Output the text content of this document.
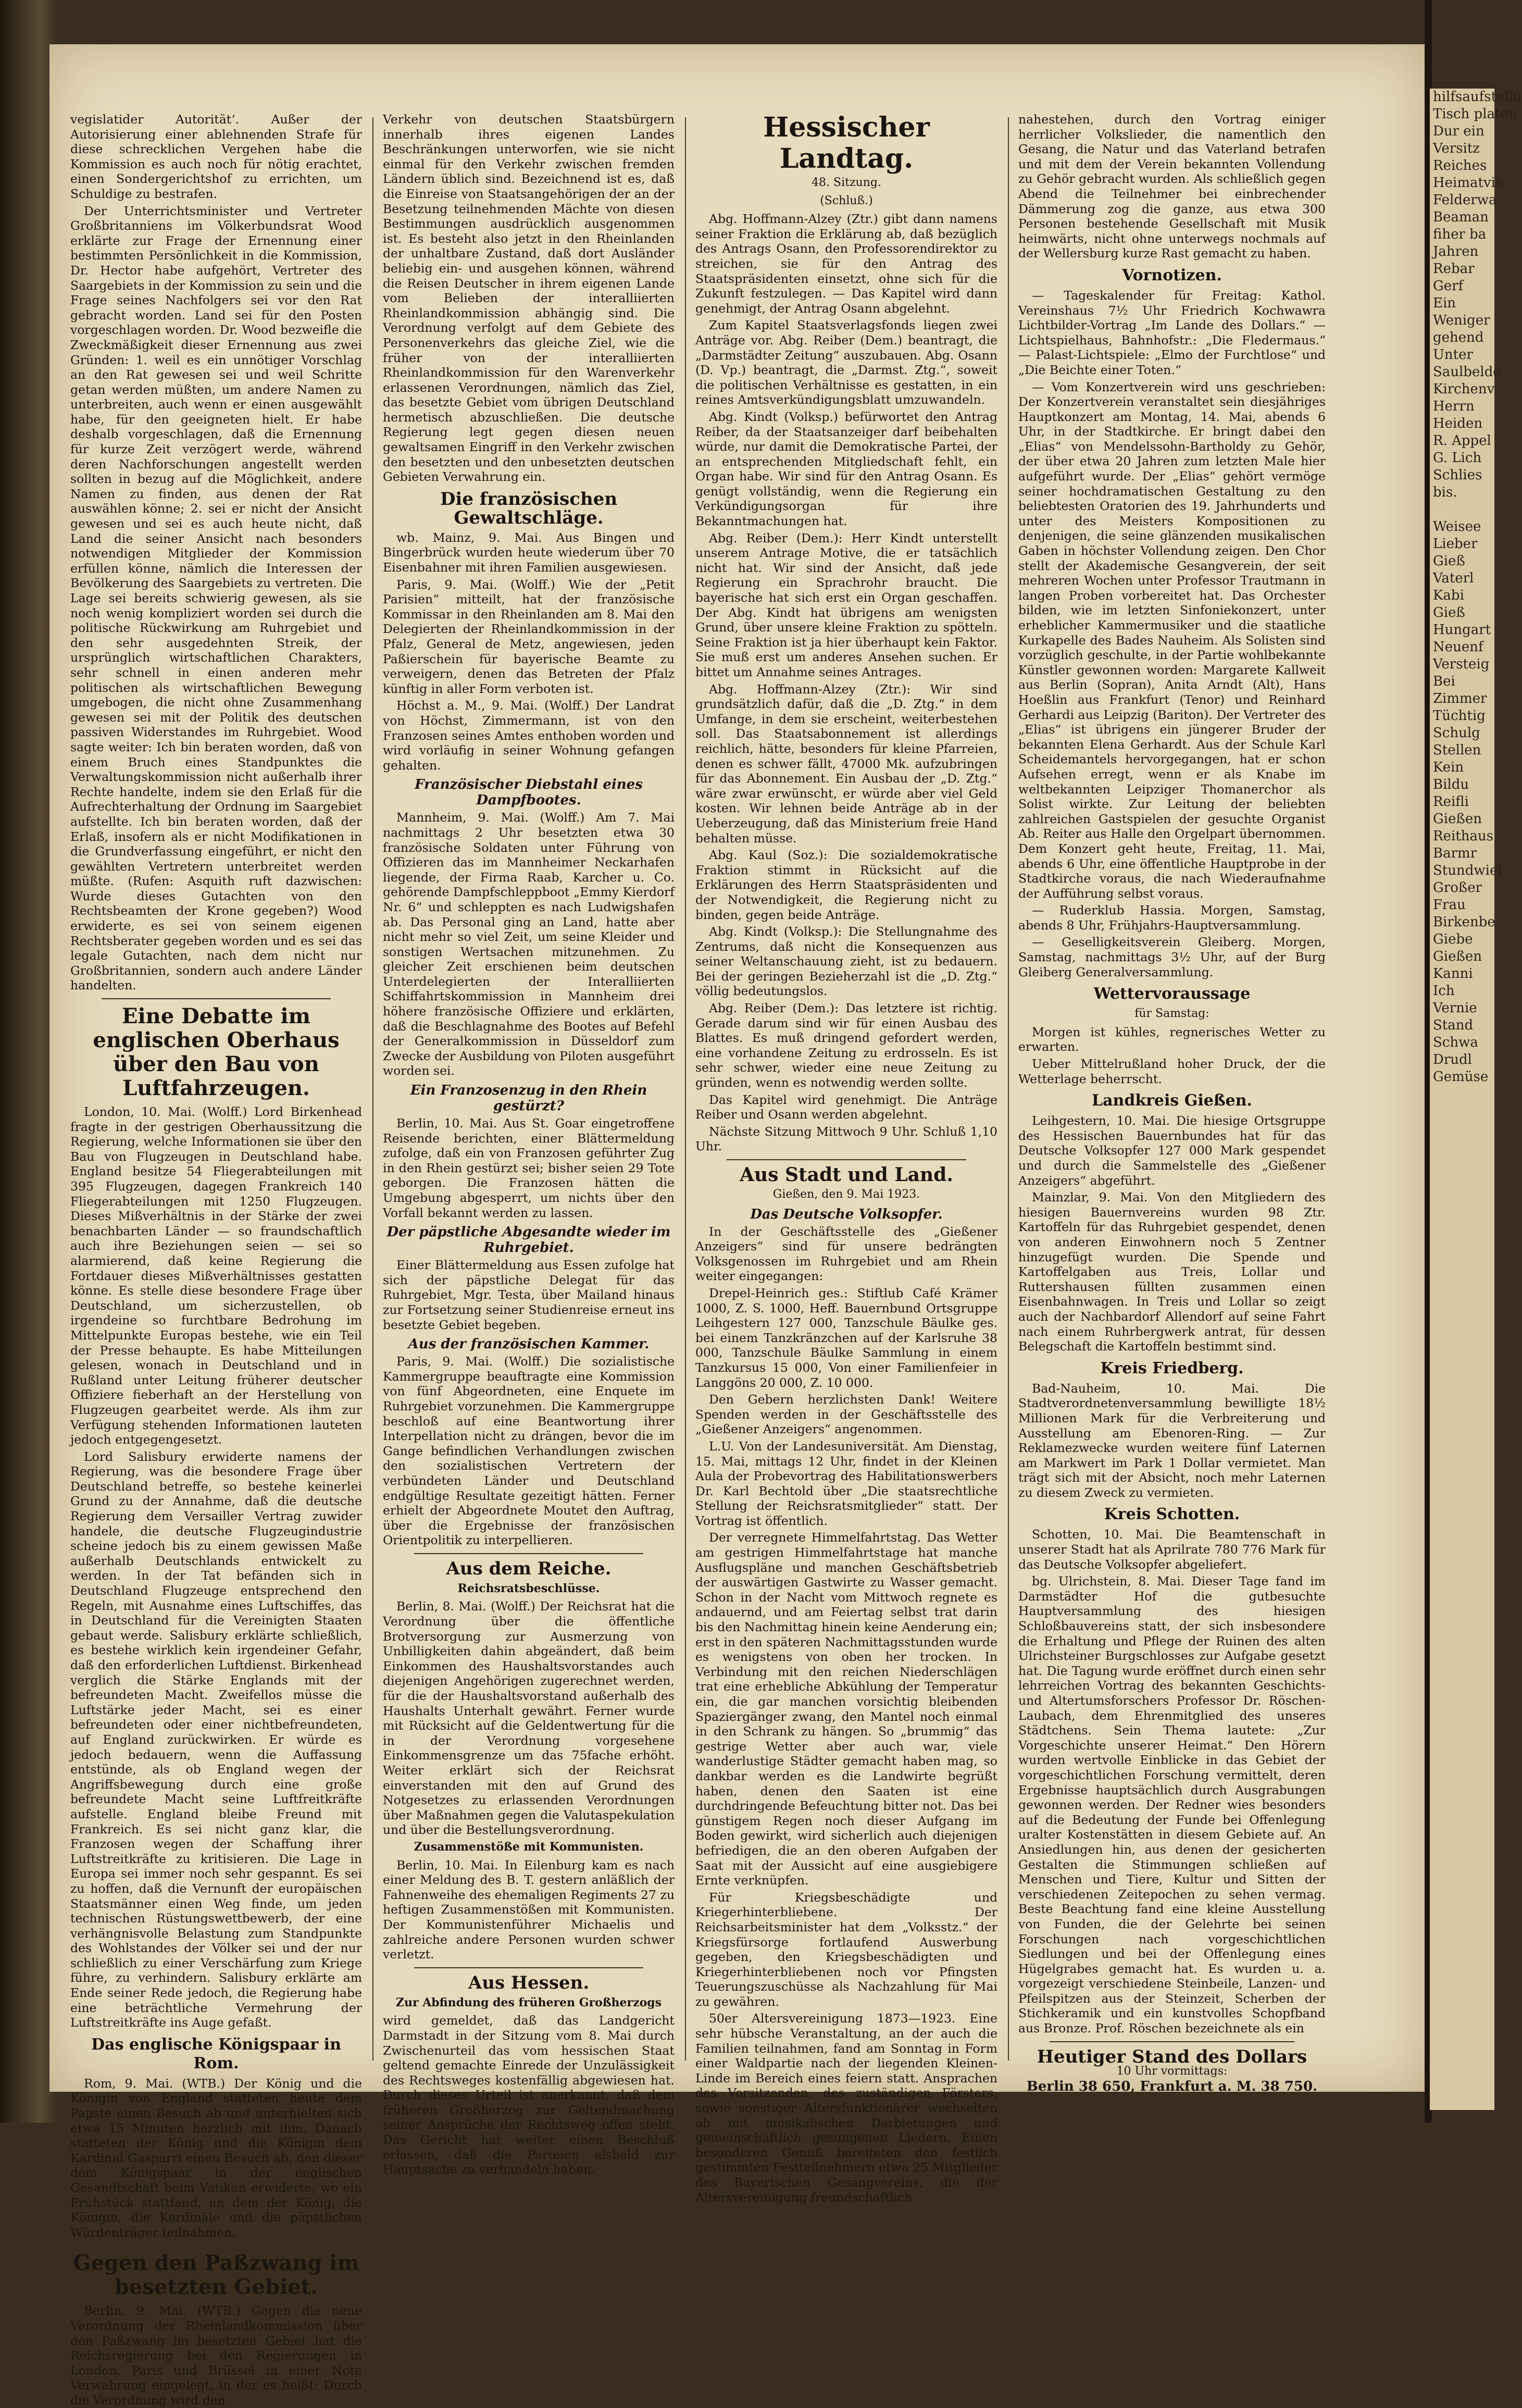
vegislatider Autorität‘. Außer der Autorisierung einer ablehnenden Strafe für diese schrecklichen Vergehen habe die Kommission es auch noch für nötig erachtet, einen Sondergerichtshof zu errichten, um Schuldige zu bestrafen.

Der Unterrichtsminister und Vertreter Großbritanniens im Völkerbundsrat Wood erklärte zur Frage der Ernennung einer bestimmten Persönlichkeit in die Kommission, Dr. Hector habe aufgehört, Vertreter des Saargebiets in der Kommission zu sein und die Frage seines Nachfolgers sei vor den Rat gebracht worden. Land sei für den Posten vorgeschlagen worden. Dr. Wood bezweifle die Zweckmäßigkeit dieser Ernennung aus zwei Gründen: 1. weil es ein unnötiger Vorschlag an den Rat gewesen sei und weil Schritte getan werden müßten, um andere Namen zu unterbreiten, auch wenn er einen ausgewählt habe, für den geeigneten hielt. Er habe deshalb vorgeschlagen, daß die Ernennung für kurze Zeit verzögert werde, während deren Nachforschungen angestellt werden sollten in bezug auf die Möglichkeit, andere Namen zu finden, aus denen der Rat auswählen könne; 2. sei er nicht der Ansicht gewesen und sei es auch heute nicht, daß Land die seiner Ansicht nach besonders notwendigen Mitglieder der Kommission erfüllen könne, nämlich die Interessen der Bevölkerung des Saargebiets zu vertreten. Die Lage sei bereits schwierig gewesen, als sie noch wenig kompliziert worden sei durch die politische Rückwirkung am Ruhrgebiet und den sehr ausgedehnten Streik, der ursprünglich wirtschaftlichen Charakters, sehr schnell in einen anderen mehr politischen als wirtschaftlichen Bewegung umgebogen, die nicht ohne Zusammenhang gewesen sei mit der Politik des deutschen passiven Widerstandes im Ruhrgebiet. Wood sagte weiter: Ich bin beraten worden, daß von einem Bruch eines Standpunktes die Verwaltungskommission nicht außerhalb ihrer Rechte handelte, indem sie den Erlaß für die Aufrechterhaltung der Ordnung im Saargebiet aufstellte. Ich bin beraten worden, daß der Erlaß, insofern als er nicht Modifikationen in die Grundverfassung eingeführt, er nicht den gewählten Vertretern unterbreitet werden müßte. (Rufen: Asquith ruft dazwischen: Wurde dieses Gutachten von den Rechtsbeamten der Krone gegeben?) Wood erwiderte, es sei von seinem eigenen Rechtsberater gegeben worden und es sei das legale Gutachten, nach dem nicht nur Großbritannien, sondern auch andere Länder handelten.

Eine Debatte im englischen Oberhaus über den Bau von Luftfahrzeugen.

London, 10. Mai. (Wolff.) Lord Birkenhead fragte in der gestrigen Oberhaussitzung die Regierung, welche Informationen sie über den Bau von Flugzeugen in Deutschland habe. England besitze 54 Fliegerabteilungen mit 395 Flugzeugen, dagegen Frankreich 140 Fliegerabteilungen mit 1250 Flugzeugen. Dieses Mißverhältnis in der Stärke der zwei benachbarten Länder — so fraundschaftlich auch ihre Beziehungen seien — sei so alarmierend, daß keine Regierung die Fortdauer dieses Mißverhältnisses gestatten könne. Es stelle diese besondere Frage über Deutschland, um sicherzustellen, ob irgendeine so furchtbare Bedrohung im Mittelpunkte Europas bestehe, wie ein Teil der Presse behaupte. Es habe Mitteilungen gelesen, wonach in Deutschland und in Rußland unter Leitung früherer deutscher Offiziere fieberhaft an der Herstellung von Flugzeugen gearbeitet werde. Als ihm zur Verfügung stehenden Informationen lauteten jedoch entgegengesetzt.

Lord Salisbury erwiderte namens der Regierung, was die besondere Frage über Deutschland betreffe, so bestehe keinerlei Grund zu der Annahme, daß die deutsche Regierung dem Versailler Vertrag zuwider handele, die deutsche Flugzeugindustrie scheine jedoch bis zu einem gewissen Maße außerhalb Deutschlands entwickelt zu werden. In der Tat befänden sich in Deutschland Flugzeuge entsprechend den Regeln, mit Ausnahme eines Luftschiffes, das in Deutschland für die Vereinigten Staaten gebaut werde. Salisbury erklärte schließlich, es bestehe wirklich kein irgendeiner Gefahr, daß den erforderlichen Luftdienst. Birkenhead verglich die Stärke Englands mit der befreundeten Macht. Zweifellos müsse die Luftstärke jeder Macht, sei es einer befreundeten oder einer nichtbefreundeten, auf England zurückwirken. Er würde es jedoch bedauern, wenn die Auffassung entstünde, als ob England wegen der Angriffsbewegung durch eine große befreundete Macht seine Luftfreitkräfte aufstelle. England bleibe Freund mit Frankreich. Es sei nicht ganz klar, die Franzosen wegen der Schaffung ihrer Luftstreitkräfte zu kritisieren. Die Lage in Europa sei immer noch sehr gespannt. Es sei zu hoffen, daß die Vernunft der europäischen Staatsmänner einen Weg finde, um jeden technischen Rüstungswettbewerb, der eine verhängnisvolle Belastung zum Standpunkte des Wohlstandes der Völker sei und der nur schließlich zu einer Verschärfung zum Kriege führe, zu verhindern. Salisbury erklärte am Ende seiner Rede jedoch, die Regierung habe eine beträchtliche Vermehrung der Luftstreitkräfte ins Auge gefaßt.

Das englische Königspaar in Rom.

Rom, 9. Mai. (WTB.) Der König und die Königin von England statteten heute dem Papste einen Besuch ab und unterhielten sich etwa 15 Minuten herzlich mit ihm. Danach statteten der König und die Königin dem Kardinal Gasparri einen Besuch ab, den dieser dem Königspaar in der englischen Gesandtschaft beim Vatikan erwiderte, wo ein Frühstück stattfand, an dem der König, die Königin, die Kardinäle und die päpstlichen Würdenträger teilnahmen.

Gegen den Paßzwang im besetzten Gebiet.

Berlin, 9. Mai. (WTB.) Gegen die neue Verordnung der Rheinlandkommission über den Paßzwang im besetzten Gebiet hat die Reichsregierung bei den Regierungen in London, Paris und Brüssel in einer Note Verwahrung eingelegt, in der es heißt: Durch die Verordnung wird den

Verkehr von deutschen Staatsbürgern innerhalb ihres eigenen Landes Beschränkungen unterworfen, wie sie nicht einmal für den Verkehr zwischen fremden Ländern üblich sind. Bezeichnend ist es, daß die Einreise von Staatsangehörigen der an der Besetzung teilnehmenden Mächte von diesen Bestimmungen ausdrücklich ausgenommen ist. Es besteht also jetzt in den Rheinlanden der unhaltbare Zustand, daß dort Ausländer beliebig ein- und ausgehen können, während die Reisen Deutscher in ihrem eigenen Lande vom Belieben der interalliierten Rheinlandkommission abhängig sind. Die Verordnung verfolgt auf dem Gebiete des Personenverkehrs das gleiche Ziel, wie die früher von der interalliierten Rheinlandkommission für den Warenverkehr erlassenen Verordnungen, nämlich das Ziel, das besetzte Gebiet vom übrigen Deutschland hermetisch abzuschließen. Die deutsche Regierung legt gegen diesen neuen gewaltsamen Eingriff in den Verkehr zwischen den besetzten und den unbesetzten deutschen Gebieten Verwahrung ein.

Die französischen Gewaltschläge.

wb. Mainz, 9. Mai. Aus Bingen und Bingerbrück wurden heute wiederum über 70 Eisenbahner mit ihren Familien ausgewiesen.

Paris, 9. Mai. (Wolff.) Wie der „Petit Parisien“ mitteilt, hat der französische Kommissar in den Rheinlanden am 8. Mai den Delegierten der Rheinlandkommission in der Pfalz, General de Metz, angewiesen, jeden Paßierschein für bayerische Beamte zu verweigern, denen das Betreten der Pfalz künftig in aller Form verboten ist.

Höchst a. M., 9. Mai. (Wolff.) Der Landrat von Höchst, Zimmermann, ist von den Franzosen seines Amtes enthoben worden und wird vorläufig in seiner Wohnung gefangen gehalten.

Französischer Diebstahl eines Dampfbootes.

Mannheim, 9. Mai. (Wolff.) Am 7. Mai nachmittags 2 Uhr besetzten etwa 30 französische Soldaten unter Führung von Offizieren das im Mannheimer Neckarhafen liegende, der Firma Raab, Karcher u. Co. gehörende Dampfschleppboot „Emmy Kierdorf Nr. 6“ und schleppten es nach Ludwigshafen ab. Das Personal ging an Land, hatte aber nicht mehr so viel Zeit, um seine Kleider und sonstigen Wertsachen mitzunehmen. Zu gleicher Zeit erschienen beim deutschen Unterdelegierten der Interalliierten Schiffahrtskommission in Mannheim drei höhere französische Offiziere und erklärten, daß die Beschlagnahme des Bootes auf Befehl der Generalkommission in Düsseldorf zum Zwecke der Ausbildung von Piloten ausgeführt worden sei.

Ein Franzosenzug in den Rhein gestürzt?

Berlin, 10. Mai. Aus St. Goar eingetroffene Reisende berichten, einer Blättermeldung zufolge, daß ein von Franzosen geführter Zug in den Rhein gestürzt sei; bisher seien 29 Tote geborgen. Die Franzosen hätten die Umgebung abgesperrt, um nichts über den Vorfall bekannt werden zu lassen.

Der päpstliche Abgesandte wieder im Ruhrgebiet.

Einer Blättermeldung aus Essen zufolge hat sich der päpstliche Delegat für das Ruhrgebiet, Mgr. Testa, über Mailand hinaus zur Fortsetzung seiner Studienreise erneut ins besetzte Gebiet begeben.

Aus der französischen Kammer.

Paris, 9. Mai. (Wolff.) Die sozialistische Kammergruppe beauftragte eine Kommission von fünf Abgeordneten, eine Enquete im Ruhrgebiet vorzunehmen. Die Kammergruppe beschloß auf eine Beantwortung ihrer Interpellation nicht zu drängen, bevor die im Gange befindlichen Verhandlungen zwischen den sozialistischen Vertretern der verbündeten Länder und Deutschland endgültige Resultate gezeitigt hätten. Ferner erhielt der Abgeordnete Moutet den Auftrag, über die Ergebnisse der französischen Orientpolitik zu interpellieren.

Aus dem Reiche.
Reichsratsbeschlüsse.

Berlin, 8. Mai. (Wolff.) Der Reichsrat hat die Verordnung über die öffentliche Brotversorgung zur Ausmerzung von Unbilligkeiten dahin abgeändert, daß beim Einkommen des Haushaltsvorstandes auch diejenigen Angehörigen zugerechnet werden, für die der Haushaltsvorstand außerhalb des Haushalts Unterhalt gewährt. Ferner wurde mit Rücksicht auf die Geldentwertung für die in der Verordnung vorgesehene Einkommensgrenze um das 75fache erhöht. Weiter erklärt sich der Reichsrat einverstanden mit den auf Grund des Notgesetzes zu erlassenden Verordnungen über Maßnahmen gegen die Valutaspekulation und über die Bestellungsverordnung.

Zusammenstöße mit Kommunisten.

Berlin, 10. Mai. In Eilenburg kam es nach einer Meldung des B. T. gestern anläßlich der Fahnenweihe des ehemaligen Regiments 27 zu heftigen Zusammenstößen mit Kommunisten. Der Kommunistenführer Michaelis und zahlreiche andere Personen wurden schwer verletzt.

Aus Hessen.
Zur Abfindung des früheren Großherzogs

wird gemeldet, daß das Landgericht Darmstadt in der Sitzung vom 8. Mai durch Zwischenurteil das vom hessischen Staat geltend gemachte Einrede der Unzulässigkeit des Rechtsweges kostenfällig abgewiesen hat. Durch dieses Urteil ist anerkannt, daß dem früheren Großherzog zur Geltendmachung seiner Ansprüche der Rechtsweg offen steht. Das Gericht hat weiter einen Beschluß erlassen, daß die Parteien alsbald zur Hauptsache zu verhandeln haben.

Hessischer Landtag.
48. Sitzung.
(Schluß.)

Abg. Hoffmann-Alzey (Ztr.) gibt dann namens seiner Fraktion die Erklärung ab, daß bezüglich des Antrags Osann, den Professorendirektor zu streichen, sie für den Antrag des Staatspräsidenten einsetzt, ohne sich für die Zukunft festzulegen. — Das Kapitel wird dann genehmigt, der Antrag Osann abgelehnt.

Zum Kapitel Staatsverlagsfonds liegen zwei Anträge vor. Abg. Reiber (Dem.) beantragt, die „Darmstädter Zeitung“ auszubauen. Abg. Osann (D. Vp.) beantragt, die „Darmst. Ztg.“, soweit die politischen Verhältnisse es gestatten, in ein reines Amtsverkündigungsblatt umzuwandeln.

Abg. Kindt (Volksp.) befürwortet den Antrag Reiber, da der Staatsanzeiger darf beibehalten würde, nur damit die Demokratische Partei, der an entsprechenden Mitgliedschaft fehlt, ein Organ habe. Wir sind für den Antrag Osann. Es genügt vollständig, wenn die Regierung ein Verkündigungsorgan für ihre Bekanntmachungen hat.

Abg. Reiber (Dem.): Herr Kindt unterstellt unserem Antrage Motive, die er tatsächlich nicht hat. Wir sind der Ansicht, daß jede Regierung ein Sprachrohr braucht. Die bayerische hat sich erst ein Organ geschaffen. Der Abg. Kindt hat übrigens am wenigsten Grund, über unsere kleine Fraktion zu spötteln. Seine Fraktion ist ja hier überhaupt kein Faktor. Sie muß erst um anderes Ansehen suchen. Er bittet um Annahme seines Antrages.

Abg. Hoffmann-Alzey (Ztr.): Wir sind grundsätzlich dafür, daß die „D. Ztg.“ in dem Umfange, in dem sie erscheint, weiterbestehen soll. Das Staatsabonnement ist allerdings reichlich, hätte, besonders für kleine Pfarreien, denen es schwer fällt, 47000 Mk. aufzubringen für das Abonnement. Ein Ausbau der „D. Ztg.“ wäre zwar erwünscht, er würde aber viel Geld kosten. Wir lehnen beide Anträge ab in der Ueberzeugung, daß das Ministerium freie Hand behalten müsse.

Abg. Kaul (Soz.): Die sozialdemokratische Fraktion stimmt in Rücksicht auf die Erklärungen des Herrn Staatspräsidenten und der Notwendigkeit, die Regierung nicht zu binden, gegen beide Anträge.

Abg. Kindt (Volksp.): Die Stellungnahme des Zentrums, daß nicht die Konsequenzen aus seiner Weltanschauung zieht, ist zu bedauern. Bei der geringen Bezieherzahl ist die „D. Ztg.“ völlig bedeutungslos.

Abg. Reiber (Dem.): Das letztere ist richtig. Gerade darum sind wir für einen Ausbau des Blattes. Es muß dringend gefordert werden, eine vorhandene Zeitung zu erdrosseln. Es ist sehr schwer, wieder eine neue Zeitung zu gründen, wenn es notwendig werden sollte.

Das Kapitel wird genehmigt. Die Anträge Reiber und Osann werden abgelehnt.

Nächste Sitzung Mittwoch 9 Uhr. Schluß 1,10 Uhr.

Aus Stadt und Land.
Gießen, den 9. Mai 1923.
Das Deutsche Volksopfer.

In der Geschäftsstelle des „Gießener Anzeigers“ sind für unsere bedrängten Volksgenossen im Ruhrgebiet und am Rhein weiter eingegangen:

Drepel-Heinrich ges.: Stiftlub Café Krämer 1000, Z. S. 1000, Heff. Bauernbund Ortsgruppe Leihgestern 127 000, Tanzschule Bäulke ges. bei einem Tanzkränzchen auf der Karlsruhe 38 000, Tanzschule Bäulke Sammlung in einem Tanzkursus 15 000, Von einer Familienfeier in Langgöns 20 000, Z. 10 000.

Den Gebern herzlichsten Dank! Weitere Spenden werden in der Geschäftsstelle des „Gießener Anzeigers“ angenommen.

L.U. Von der Landesuniversität. Am Dienstag, 15. Mai, mittags 12 Uhr, findet in der Kleinen Aula der Probevortrag des Habilitationswerbers Dr. Karl Bechtold über „Die staatsrechtliche Stellung der Reichsratsmitglieder“ statt. Der Vortrag ist öffentlich.

Der verregnete Himmelfahrtstag. Das Wetter am gestrigen Himmelfahrtstage hat manche Ausflugspläne und manchen Geschäftsbetrieb der auswärtigen Gastwirte zu Wasser gemacht. Schon in der Nacht vom Mittwoch regnete es andauernd, und am Feiertag selbst trat darin bis den Nachmittag hinein keine Aenderung ein; erst in den späteren Nachmittagsstunden wurde es wenigstens von oben her trocken. In Verbindung mit den reichen Niederschlägen trat eine erhebliche Abkühlung der Temperatur ein, die gar manchen vorsichtig bleibenden Spaziergänger zwang, den Mantel noch einmal in den Schrank zu hängen. So „brummig“ das gestrige Wetter aber auch war, viele wanderlustige Städter gemacht haben mag, so dankbar werden es die Landwirte begrüßt haben, denen den Saaten ist eine durchdringende Befeuchtung bitter not. Das bei günstigem Regen noch dieser Aufgang im Boden gewirkt, wird sicherlich auch diejenigen befriedigen, die an den oberen Aufgaben der Saat mit der Aussicht auf eine ausgiebigere Ernte verknüpfen.

Für Kriegsbeschädigte und Kriegerhinterbliebene. Der Reichsarbeitsminister hat dem „Volksstz.“ der Kriegsfürsorge fortlaufend Auswerbung gegeben, den Kriegsbeschädigten und Kriegerhinterbliebenen noch vor Pfingsten Teuerungszuschüsse als Nachzahlung für Mai zu gewähren.

50er Altersvereinigung 1873—1923. Eine sehr hübsche Veranstaltung, an der auch die Familien teilnahmen, fand am Sonntag in Form einer Waldpartie nach der liegenden Kleinen-Linde im Bereich eines feiern statt. Ansprachen des Vorsitzenden, des zuständigen Försters, sowie sonstiger Altersfunktionärer wechselten ab mit musikalischen Darbietungen und gemeinschaftlich gesungenen Liedern. Einen besonderen Genuß bereiteten den festlich gestimmten Festteilnehmern etwa 25 Mitglieder des Bayerischen Gesangvereins, die der Altersvereinigung freundschaftlich

nahestehen, durch den Vortrag einiger herrlicher Volkslieder, die namentlich den Gesang, die Natur und das Vaterland betrafen und mit dem der Verein bekannten Vollendung zu Gehör gebracht wurden. Als schließlich gegen Abend die Teilnehmer bei einbrechender Dämmerung zog die ganze, aus etwa 300 Personen bestehende Gesellschaft mit Musik heimwärts, nicht ohne unterwegs nochmals auf der Wellersburg kurze Rast gemacht zu haben.

Vornotizen.

— Tageskalender für Freitag: Kathol. Vereinshaus 7½ Uhr Friedrich Kochwawra Lichtbilder-Vortrag „Im Lande des Dollars.“ — Lichtspielhaus, Bahnhofstr.: „Die Fledermaus.“ — Palast-Lichtspiele: „Elmo der Furchtlose“ und „Die Beichte einer Toten.“

— Vom Konzertverein wird uns geschrieben: Der Konzertverein veranstaltet sein diesjähriges Hauptkonzert am Montag, 14. Mai, abends 6 Uhr, in der Stadtkirche. Er bringt dabei den „Elias“ von Mendelssohn-Bartholdy zu Gehör, der über etwa 20 Jahren zum letzten Male hier aufgeführt wurde. Der „Elias“ gehört vermöge seiner hochdramatischen Gestaltung zu den beliebtesten Oratorien des 19. Jahrhunderts und unter des Meisters Kompositionen zu denjenigen, die seine glänzenden musikalischen Gaben in höchster Vollendung zeigen. Den Chor stellt der Akademische Gesangverein, der seit mehreren Wochen unter Professor Trautmann in langen Proben vorbereitet hat. Das Orchester bilden, wie im letzten Sinfoniekonzert, unter erheblicher Kammermusiker und die staatliche Kurkapelle des Bades Nauheim. Als Solisten sind vorzüglich geschulte, in der Partie wohlbekannte Künstler gewonnen worden: Margarete Kallweit aus Berlin (Sopran), Anita Arndt (Alt), Hans Hoeßlin aus Frankfurt (Tenor) und Reinhard Gerhardi aus Leipzig (Bariton). Der Vertreter des „Elias“ ist übrigens ein jüngerer Bruder der bekannten Elena Gerhardt. Aus der Schule Karl Scheidemantels hervorgegangen, hat er schon Aufsehen erregt, wenn er als Knabe im weltbekannten Leipziger Thomanerchor als Solist wirkte. Zur Leitung der beliebten zahlreichen Gastspielen der gesuchte Organist Ab. Reiter aus Halle den Orgelpart übernommen. Dem Konzert geht heute, Freitag, 11. Mai, abends 6 Uhr, eine öffentliche Hauptprobe in der Stadtkirche voraus, die nach Wiederaufnahme der Aufführung selbst voraus.

— Ruderklub Hassia. Morgen, Samstag, abends 8 Uhr, Frühjahrs-Hauptversammlung.

— Geselligkeitsverein Gleiberg. Morgen, Samstag, nachmittags 3½ Uhr, auf der Burg Gleiberg Generalversammlung.

Wettervoraussage
für Samstag:

Morgen ist kühles, regnerisches Wetter zu erwarten.

Ueber Mittelrußland hoher Druck, der die Wetterlage beherrscht.

Landkreis Gießen.

Leihgestern, 10. Mai. Die hiesige Ortsgruppe des Hessischen Bauernbundes hat für das Deutsche Volksopfer 127 000 Mark gespendet und durch die Sammelstelle des „Gießener Anzeigers“ abgeführt.

Mainzlar, 9. Mai. Von den Mitgliedern des hiesigen Bauernvereins wurden 98 Ztr. Kartoffeln für das Ruhrgebiet gespendet, denen von anderen Einwohnern noch 5 Zentner hinzugefügt wurden. Die Spende und Kartoffelgaben aus Treis, Lollar und Ruttershausen füllten zusammen einen Eisenbahnwagen. In Treis und Lollar so zeigt auch der Nachbardorf Allendorf auf seine Fahrt nach einem Ruhrbergwerk antrat, für dessen Belegschaft die Kartoffeln bestimmt sind.

Kreis Friedberg.

Bad-Nauheim, 10. Mai. Die Stadtverordnetenversammlung bewilligte 18½ Millionen Mark für die Verbreiterung und Ausstellung am Ebenoren-Ring. — Zur Reklamezwecke wurden weitere fünf Laternen am Markwert im Park 1 Dollar vermietet. Man trägt sich mit der Absicht, noch mehr Laternen zu diesem Zweck zu vermieten.

Kreis Schotten.

Schotten, 10. Mai. Die Beamtenschaft in unserer Stadt hat als Aprilrate 780 776 Mark für das Deutsche Volksopfer abgeliefert.

bg. Ulrichstein, 8. Mai. Dieser Tage fand im Darmstädter Hof die gutbesuchte Hauptversammlung des hiesigen Schloßbauvereins statt, der sich insbesondere die Erhaltung und Pflege der Ruinen des alten Ulrichsteiner Burgschlosses zur Aufgabe gesetzt hat. Die Tagung wurde eröffnet durch einen sehr lehrreichen Vortrag des bekannten Geschichts- und Altertumsforschers Professor Dr. Röschen-Laubach, dem Ehrenmitglied des unseres Städtchens. Sein Thema lautete: „Zur Vorgeschichte unserer Heimat.“ Den Hörern wurden wertvolle Einblicke in das Gebiet der vorgeschichtlichen Forschung vermittelt, deren Ergebnisse hauptsächlich durch Ausgrabungen gewonnen werden. Der Redner wies besonders auf die Bedeutung der Funde bei Offenlegung uralter Kostenstätten in diesem Gebiete auf. An Ansiedlungen hin, aus denen der gesicherten Gestalten die Stimmungen schließen auf Menschen und Tiere, Kultur und Sitten der verschiedenen Zeitepochen zu sehen vermag. Beste Beachtung fand eine kleine Ausstellung von Funden, die der Gelehrte bei seinen Forschungen nach vorgeschichtlichen Siedlungen und bei der Offenlegung eines Hügelgrabes gemacht hat. Es wurden u. a. vorgezeigt verschiedene Steinbeile, Lanzen- und Pfeilspitzen aus der Steinzeit, Scherben der Stichkeramik und ein kunstvolles Schopfband aus Bronze. Prof. Röschen bezeichnete als ein

Heutiger Stand des Dollars
10 Uhr vormittags:
Berlin 38 650, Frankfurt a. M. 38 750.
hilfsaufstellu
Tisch platen
Dur ein
Versitz
Reiches
Heimatvie
Felderwa
Beaman
fiher ba
Jahren
Rebar
Gerf
Ein
Weniger
gehend
Unter
Saulbelde
Kirchenv
Herrn
Heiden
R. Appel
G. Lich
Schlies
bis.

Weisee
Lieber
Gieß
Vaterl
Kabi
Gieß
Hungart
Neuenf
Versteig
Bei
Zimmer
Tüchtig
Schulg
Stellen
Kein
Bildu
Reifli
Gießen
Reithaus
Barmr
Stundwiel
Großer
Frau
Birkenbe
Giebe
Gießen
Kanni
Ich
Vernie
Stand
Schwa
Drudl
Gemüse
